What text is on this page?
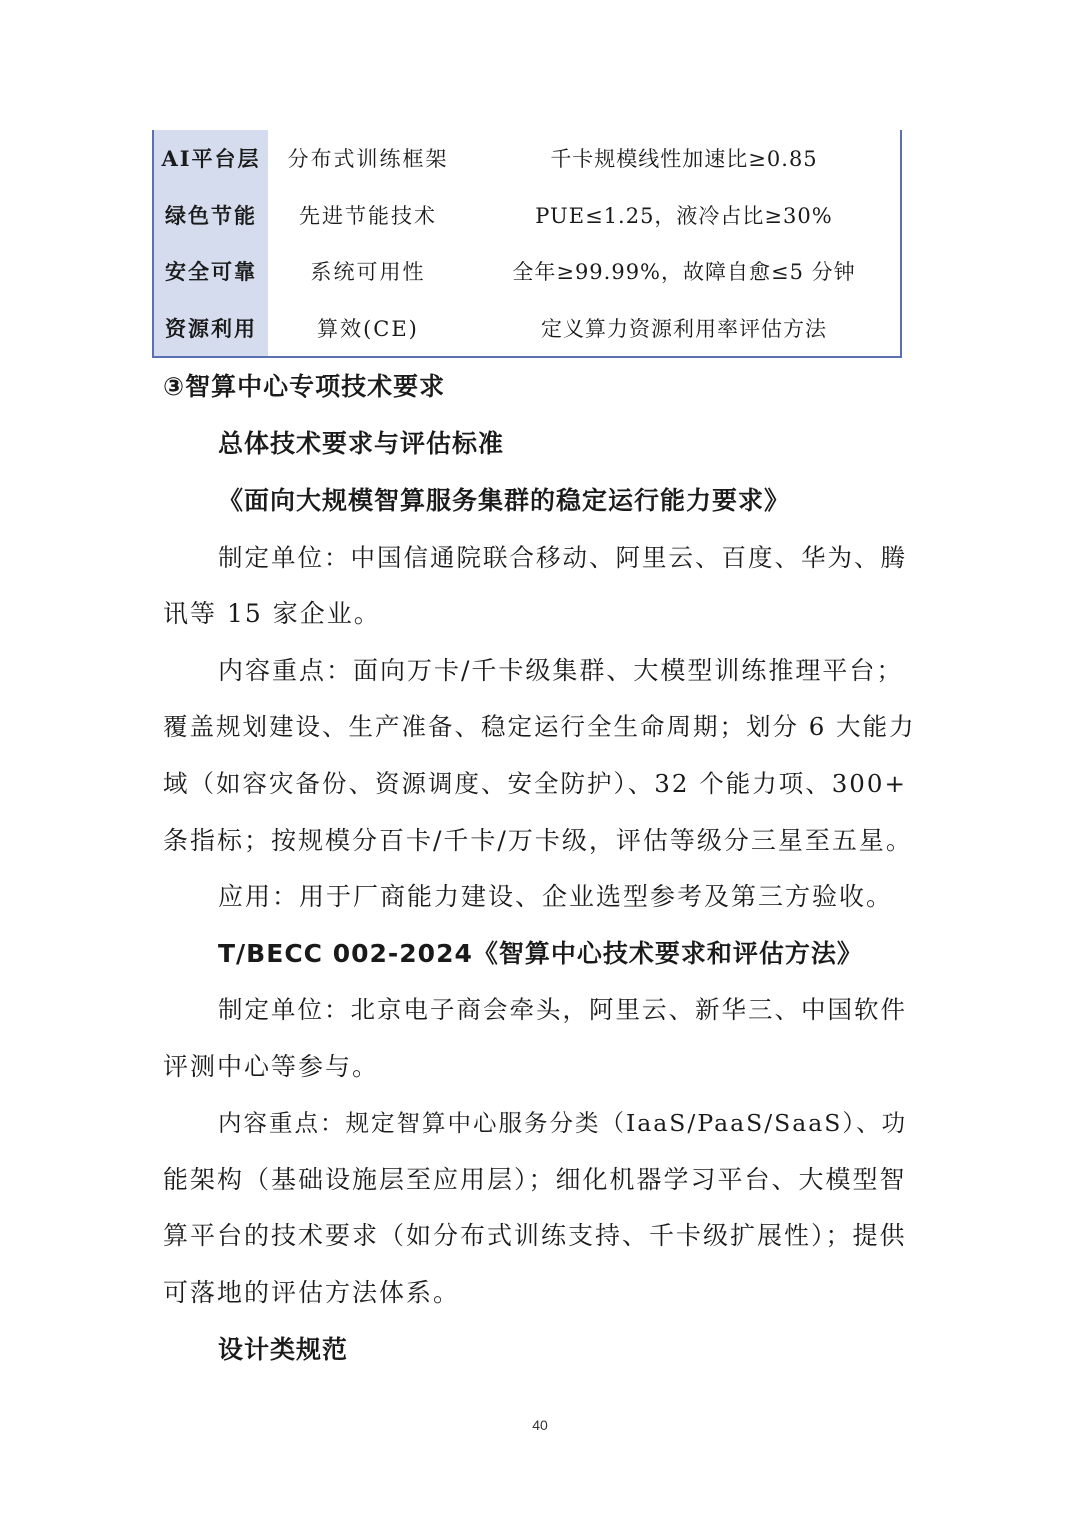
AI平台层	分布式训练框架	千卡规模线性加速比≥0.85
绿色节能	先进节能技术	PUE≤1.25，液冷占比≥30%
安全可靠	系统可用性	全年≥99.99%，故障自愈≤5 分钟
资源利用	算效(CE)	定义算力资源利用率评估方法

③智算中心专项技术要求

总体技术要求与评估标准

《面向大规模智算服务集群的稳定运行能力要求》

制定单位：中国信通院联合移动、阿里云、百度、华为、腾

讯等 15 家企业。

内容重点：面向万卡/千卡级集群、大模型训练推理平台；

覆盖规划建设、生产准备、稳定运行全生命周期；划分 6 大能力

域（如容灾备份、资源调度、安全防护）、32 个能力项、300+

条指标；按规模分百卡/千卡/万卡级，评估等级分三星至五星。

应用：用于厂商能力建设、企业选型参考及第三方验收。

T/BECC 002-2024《智算中心技术要求和评估方法》

制定单位：北京电子商会牵头，阿里云、新华三、中国软件

评测中心等参与。

内容重点：规定智算中心服务分类（IaaS/PaaS/SaaS）、功

能架构（基础设施层至应用层）；细化机器学习平台、大模型智

算平台的技术要求（如分布式训练支持、千卡级扩展性）；提供

可落地的评估方法体系。

设计类规范

40
